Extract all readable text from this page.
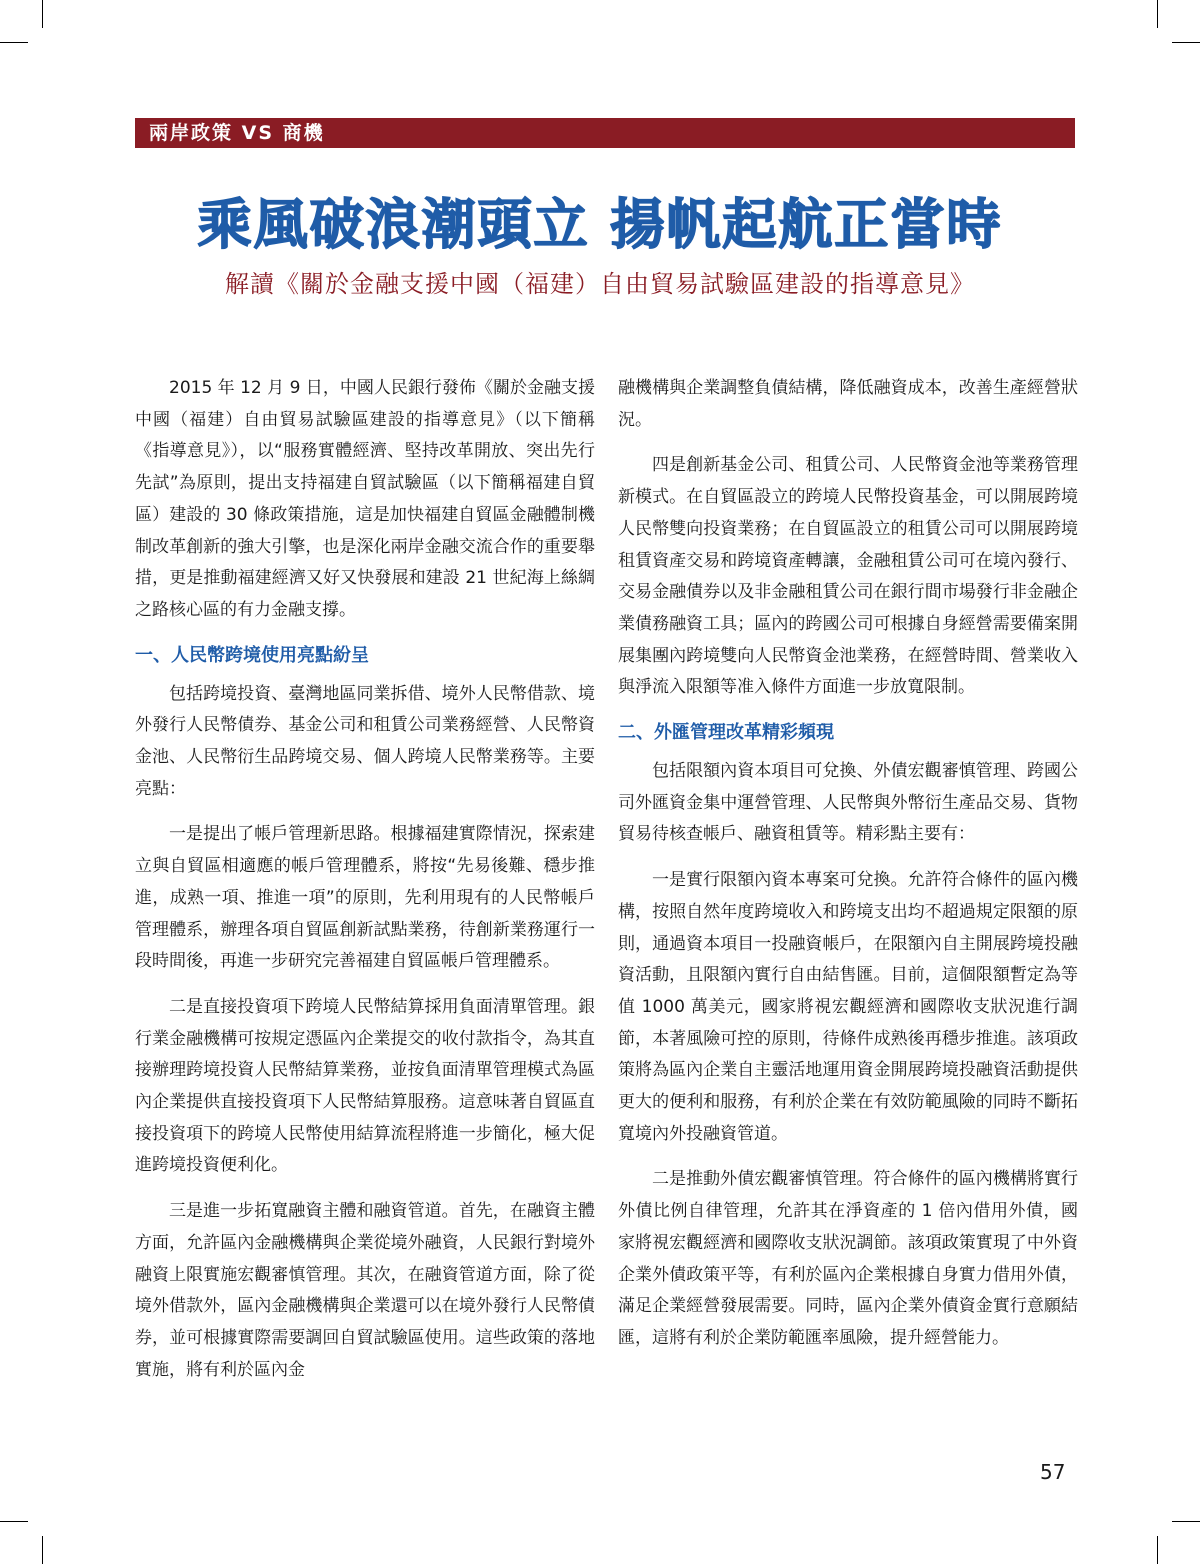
兩岸政策 VS 商機
乘風破浪潮頭立 揚帆起航正當時
解讀《關於金融支援中國（福建）自由貿易試驗區建設的指導意見》

2015 年 12 月 9 日，中國人民銀行發佈《關於金融支援中國（福建）自由貿易試驗區建設的指導意見》（以下簡稱《指導意見》），以“服務實體經濟、堅持改革開放、突出先行先試”為原則，提出支持福建自貿試驗區（以下簡稱福建自貿區）建設的 30 條政策措施，這是加快福建自貿區金融體制機制改革創新的強大引擎，也是深化兩岸金融交流合作的重要舉措，更是推動福建經濟又好又快發展和建設 21 世紀海上絲綢之路核心區的有力金融支撐。

一、人民幣跨境使用亮點紛呈

包括跨境投資、臺灣地區同業拆借、境外人民幣借款、境外發行人民幣債券、基金公司和租賃公司業務經營、人民幣資金池、人民幣衍生品跨境交易、個人跨境人民幣業務等。主要亮點：

一是提出了帳戶管理新思路。根據福建實際情況，探索建立與自貿區相適應的帳戶管理體系，將按“先易後難、穩步推進，成熟一項、推進一項”的原則，先利用現有的人民幣帳戶管理體系，辦理各項自貿區創新試點業務，待創新業務運行一段時間後，再進一步研究完善福建自貿區帳戶管理體系。

二是直接投資項下跨境人民幣結算採用負面清單管理。銀行業金融機構可按規定憑區內企業提交的收付款指令，為其直接辦理跨境投資人民幣結算業務，並按負面清單管理模式為區內企業提供直接投資項下人民幣結算服務。這意味著自貿區直接投資項下的跨境人民幣使用結算流程將進一步簡化，極大促進跨境投資便利化。

三是進一步拓寬融資主體和融資管道。首先，在融資主體方面，允許區內金融機構與企業從境外融資，人民銀行對境外融資上限實施宏觀審慎管理。其次，在融資管道方面，除了從境外借款外，區內金融機構與企業還可以在境外發行人民幣債券，並可根據實際需要調回自貿試驗區使用。這些政策的落地實施，將有利於區內金

融機構與企業調整負債結構，降低融資成本，改善生產經營狀況。

四是創新基金公司、租賃公司、人民幣資金池等業務管理新模式。在自貿區設立的跨境人民幣投資基金，可以開展跨境人民幣雙向投資業務；在自貿區設立的租賃公司可以開展跨境租賃資產交易和跨境資產轉讓，金融租賃公司可在境內發行、交易金融債券以及非金融租賃公司在銀行間市場發行非金融企業債務融資工具；區內的跨國公司可根據自身經營需要備案開展集團內跨境雙向人民幣資金池業務，在經營時間、營業收入與淨流入限額等准入條件方面進一步放寬限制。

二、外匯管理改革精彩頻現

包括限額內資本項目可兌換、外債宏觀審慎管理、跨國公司外匯資金集中運營管理、人民幣與外幣衍生產品交易、貨物貿易待核查帳戶、融資租賃等。精彩點主要有：

一是實行限額內資本專案可兌換。允許符合條件的區內機構，按照自然年度跨境收入和跨境支出均不超過規定限額的原則，通過資本項目一投融資帳戶，在限額內自主開展跨境投融資活動，且限額內實行自由結售匯。目前，這個限額暫定為等值 1000 萬美元，國家將視宏觀經濟和國際收支狀況進行調節，本著風險可控的原則，待條件成熟後再穩步推進。該項政策將為區內企業自主靈活地運用資金開展跨境投融資活動提供更大的便利和服務，有利於企業在有效防範風險的同時不斷拓寬境內外投融資管道。

二是推動外債宏觀審慎管理。符合條件的區內機構將實行外債比例自律管理，允許其在淨資產的 1 倍內借用外債，國家將視宏觀經濟和國際收支狀況調節。該項政策實現了中外資企業外債政策平等，有利於區內企業根據自身實力借用外債，滿足企業經營發展需要。同時，區內企業外債資金實行意願結匯，這將有利於企業防範匯率風險，提升經營能力。

57
